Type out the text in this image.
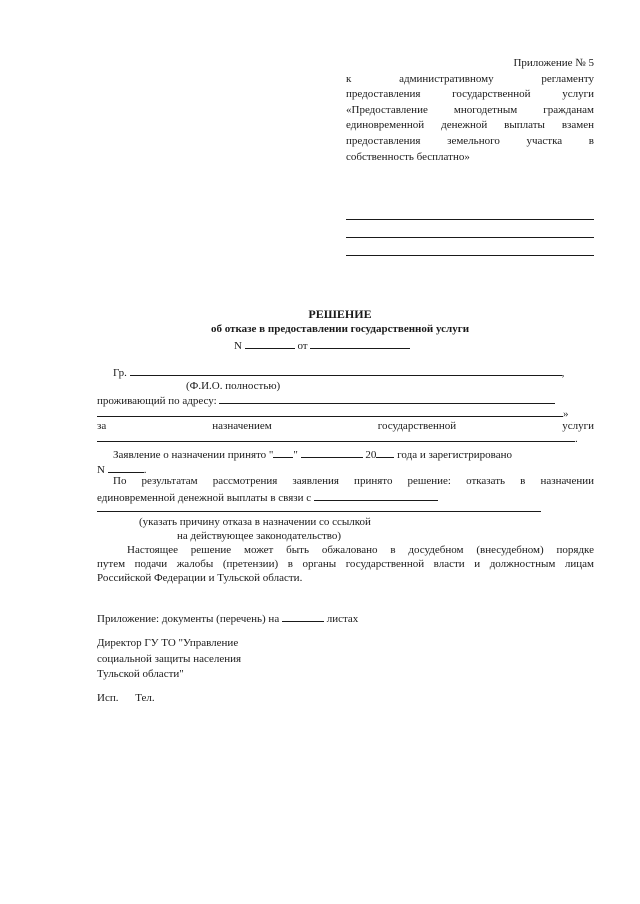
Приложение № 5
к административному регламенту
предоставления государственной услуги
«Предоставление многодетным гражданам
единовременной денежной выплаты взамен
предоставления земельного участка в
собственность бесплатно»
РЕШЕНИЕ
об отказе в предоставлении государственной услуги
N	от
Гр.	,
(Ф.И.О. полностью)
проживающий по адресу:
»
за	назначением	государственной	услуги
.
Заявление о назначении принято " "	20 года и зарегистрировано
N	.
По результатам рассмотрения заявления принято решение: отказать в назначении
единовременной денежной выплаты в связи с
(указать причину отказа в назначении со ссылкой
на действующее законодательство)
Настоящее решение может быть обжаловано в досудебном (внесудебном) порядке
путем подачи жалобы (претензии) в органы государственной власти и должностным лицам
Российской Федерации и Тульской области.
Приложение: документы (перечень) на	листах
Директор ГУ ТО "Управление
социальной защиты населения
Тульской области"
Исп. Тел.
